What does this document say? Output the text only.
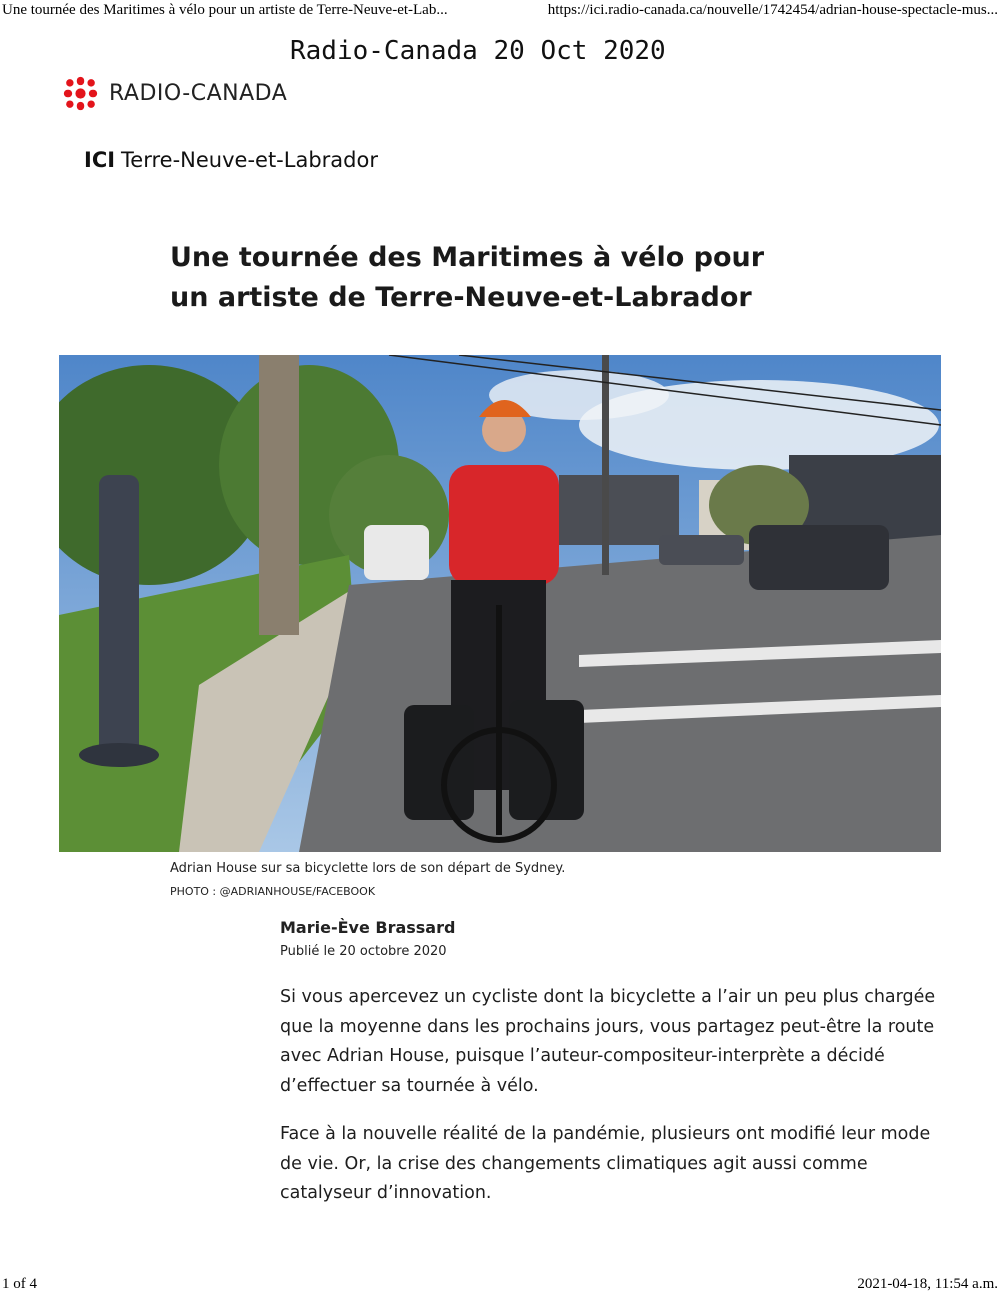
Une tournée des Maritimes à vélo pour un artiste de Terre-Neuve-et-Lab...	https://ici.radio-canada.ca/nouvelle/1742454/adrian-house-spectacle-mus...
Radio-Canada 20 Oct 2020
RADIO-CANADA
ICI Terre-Neuve-et-Labrador
Une tournée des Maritimes à vélo pour un artiste de Terre-Neuve-et-Labrador
Adrian House sur sa bicyclette lors de son départ de Sydney.
PHOTO : @ADRIANHOUSE/FACEBOOK
Marie-Ève Brassard
Publié le 20 octobre 2020

Si vous apercevez un cycliste dont la bicyclette a l’air un peu plus chargée que la moyenne dans les prochains jours, vous partagez peut-être la route avec Adrian House, puisque l’auteur-compositeur-interprète a décidé d’effectuer sa tournée à vélo.

Face à la nouvelle réalité de la pandémie, plusieurs ont modifié leur mode de vie. Or, la crise des changements climatiques agit aussi comme catalyseur d’innovation.

1 of 4	2021-04-18, 11:54 a.m.
